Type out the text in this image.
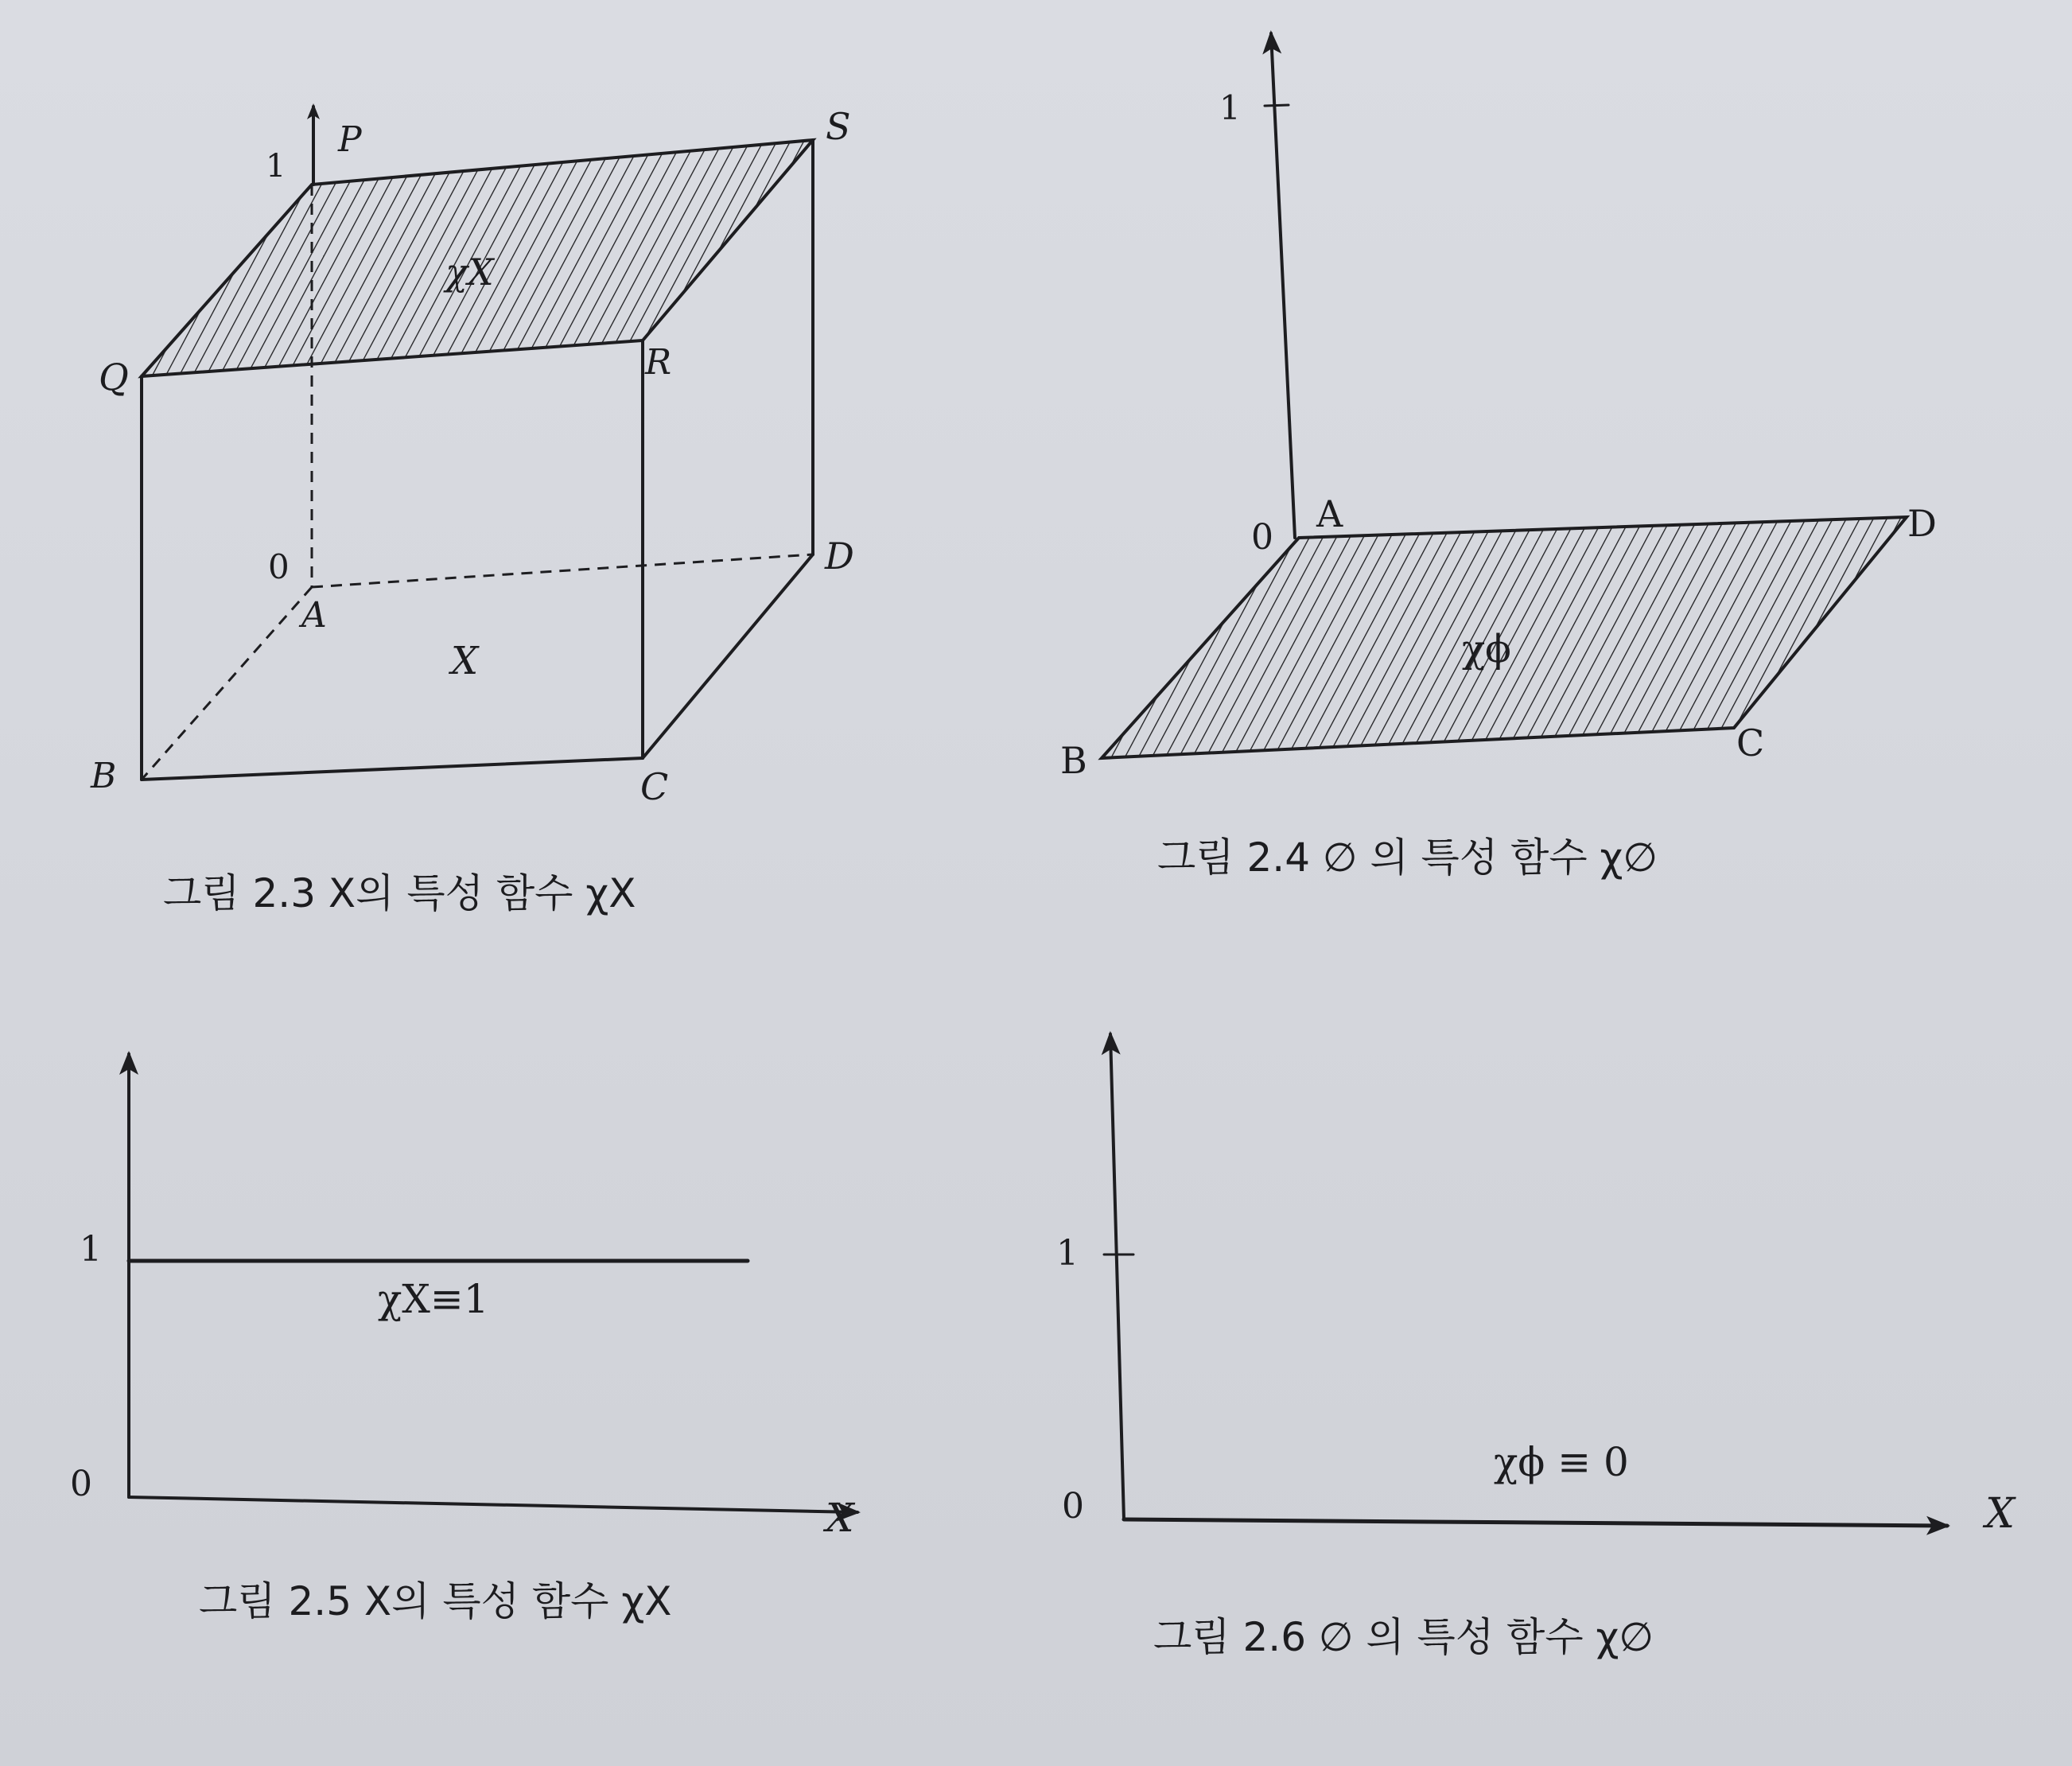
1
P	S
Q	R
0	D
A
X
B	C
χX
그림 2.3 X의 특성 함수 χX
1
0
A	D
B	C
χϕ
그림 2.4 ∅ 의 특성 함수 χ∅
1
0
X
χX≡1
그림 2.5 X의 특성 함수 χX
1
0	X
χϕ ≡ 0
그림 2.6 ∅ 의 특성 함수 χ∅
